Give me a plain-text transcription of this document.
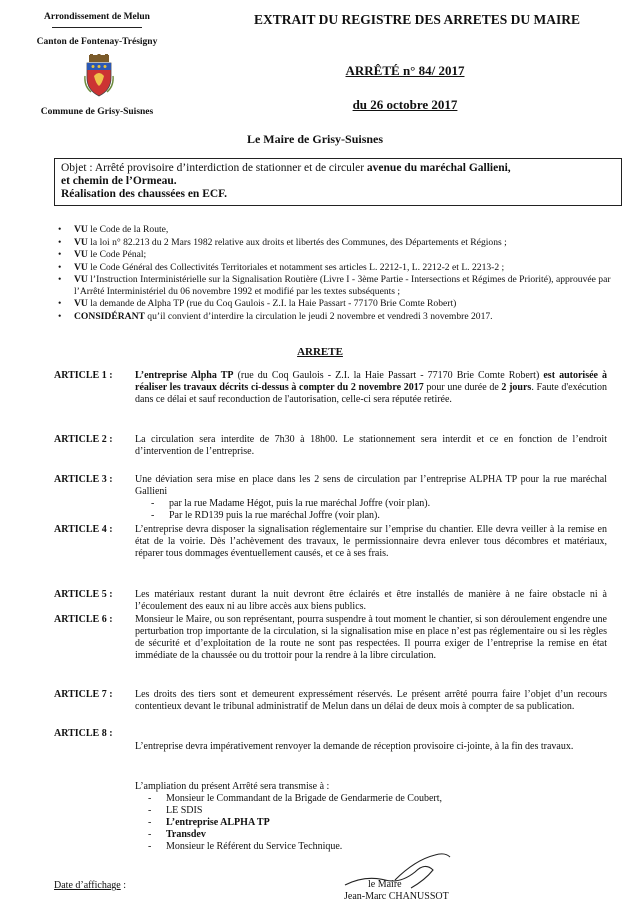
Arrondissement de Melun
Canton de Fontenay-Trésigny
Commune de Grisy-Suisnes
EXTRAIT DU REGISTRE DES ARRETES DU MAIRE
ARRÊTÉ n° 84/ 2017
du 26 octobre 2017
Le Maire de Grisy-Suisnes
Objet : Arrêté provisoire d’interdiction de stationner et de circuler avenue du maréchal Gallieni,
et chemin de l’Ormeau.
Réalisation des chaussées en ECF.
• VU le Code de la Route,
• VU la loi n° 82.213 du 2 Mars 1982 relative aux droits et libertés des Communes, des Départements et Régions ;
• VU le Code Pénal;
• VU le Code Général des Collectivités Territoriales et notamment ses articles L. 2212-1, L. 2212-2 et L. 2213-2 ;
• VU l’Instruction Interministérielle sur la Signalisation Routière (Livre I - 3ème Partie - Intersections et Régimes de Priorité), approuvée par l’Arrêté Interministériel du 06 novembre 1992 et modifié par les textes subséquents ;
• VU la demande de Alpha TP (rue du Coq Gaulois - Z.I. la Haie Passart - 77170 Brie Comte Robert)
• CONSIDÉRANT qu’il convient d’interdire la circulation le jeudi 2 novembre et vendredi 3 novembre 2017.
ARRETE
ARTICLE 1 : L’entreprise Alpha TP (rue du Coq Gaulois - Z.I. la Haie Passart - 77170 Brie Comte Robert) est autorisée à réaliser les travaux décrits ci-dessus à compter du 2 novembre 2017 pour une durée de 2 jours. Faute d'exécution dans ce délai et sauf reconduction de l'autorisation, celle-ci sera réputée retirée.
ARTICLE 2 : La circulation sera interdite de 7h30 à 18h00. Le stationnement sera interdit et ce en fonction de l’endroit d’intervention de l’entreprise.
ARTICLE 3 : Une déviation sera mise en place dans les 2 sens de circulation par l’entreprise ALPHA TP pour la rue maréchal Gallieni
- par la rue Madame Hégot, puis la rue maréchal Joffre (voir plan).
- Par le RD139 puis la rue maréchal Joffre (voir plan).
ARTICLE 4 : L’entreprise devra disposer la signalisation réglementaire sur l’emprise du chantier. Elle devra veiller à la remise en état de la voirie. Dès l’achèvement des travaux, le permissionnaire devra enlever tous décombres et matériaux, réparer tous dommages éventuellement causés, et ce à ses frais.
ARTICLE 5 : Les matériaux restant durant la nuit devront être éclairés et être installés de manière à ne faire obstacle ni à l’écoulement des eaux ni au libre accès aux biens publics.
ARTICLE 6 : Monsieur le Maire, ou son représentant, pourra suspendre à tout moment le chantier, si son déroulement engendre une perturbation trop importante de la circulation, si la signalisation mise en place n’est pas réglementaire ou si les règles de sécurité et d’exploitation de la route ne sont pas respectées. Il pourra exiger de l’entreprise la remise en état immédiate de la chaussée ou du trottoir pour la rendre à la libre circulation.
ARTICLE 7 : Les droits des tiers sont et demeurent expressément réservés. Le présent arrêté pourra faire l’objet d’un recours contentieux devant le tribunal administratif de Melun dans un délai de deux mois à compter de sa publication.
ARTICLE 8 :
L’entreprise devra impérativement renvoyer la demande de réception provisoire ci-jointe, à la fin des travaux.
L’ampliation du présent Arrêté sera transmise à :
- Monsieur le Commandant de la Brigade de Gendarmerie de Coubert,
- LE SDIS
- L’entreprise ALPHA TP
- Transdev
- Monsieur le Référent du Service Technique.
Date d’affichage :	le Maire
Jean-Marc CHANUSSOT
